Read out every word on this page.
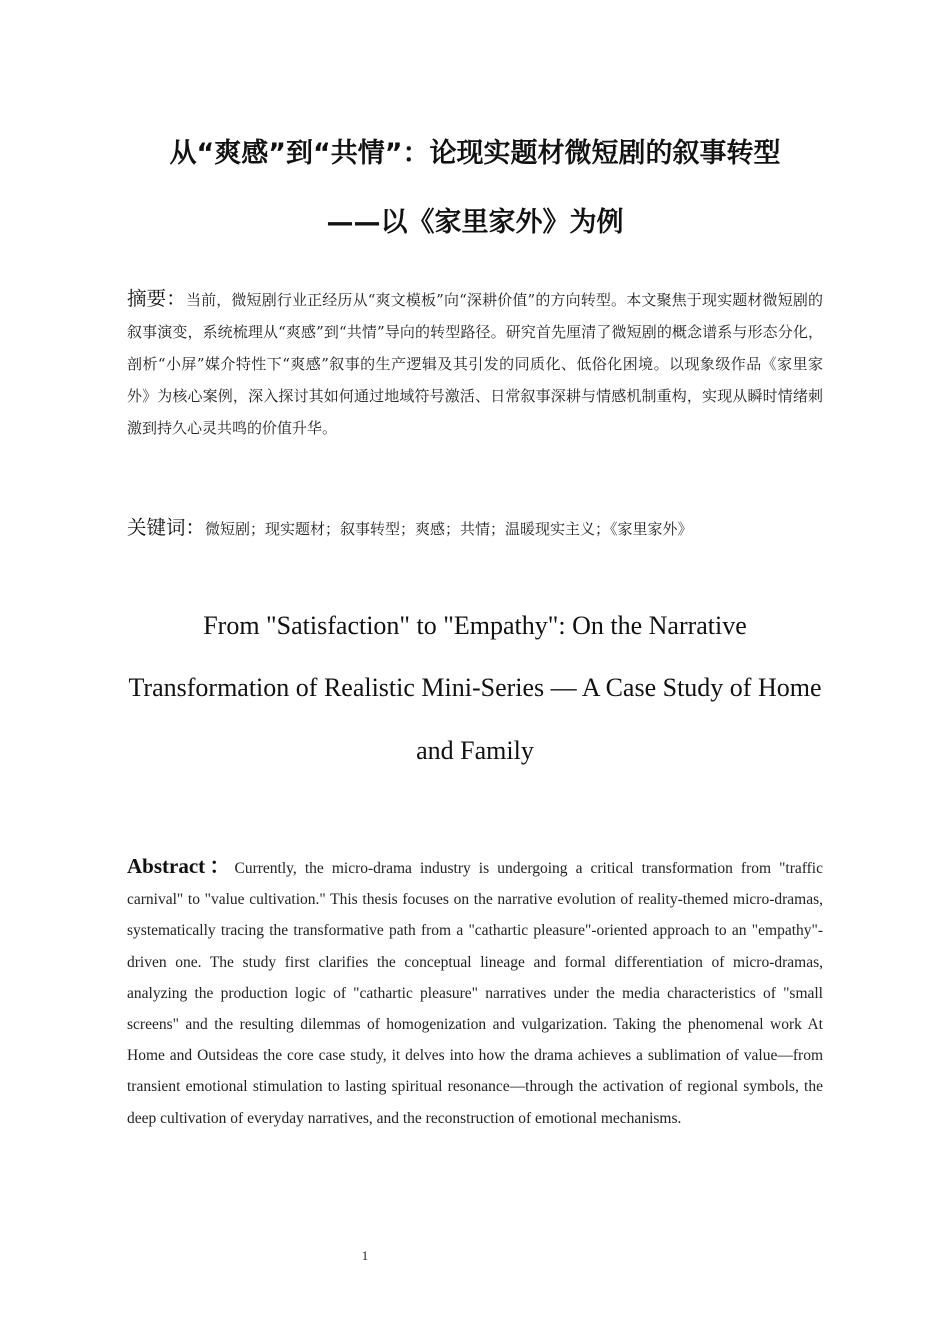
从“爽感”到“共情”：论现实题材微短剧的叙事转型
——以《家里家外》为例
摘要：当前，微短剧行业正经历从“爽文模板”向“深耕价值”的方向转型。本文聚焦于现实题材微短剧的叙事演变，系统梳理从“爽感”到“共情”导向的转型路径。研究首先厘清了微短剧的概念谱系与形态分化，剖析“小屏”媒介特性下“爽感”叙事的生产逻辑及其引发的同质化、低俗化困境。以现象级作品《家里家外》为核心案例，深入探讨其如何通过地域符号激活、日常叙事深耕与情感机制重构，实现从瞬时情绪刺激到持久心灵共鸣的价值升华。
关键词：微短剧；现实题材；叙事转型；爽感；共情；温暖现实主义；《家里家外》
From "Satisfaction" to "Empathy": On the Narrative
Transformation of Realistic Mini-Series — A Case Study of Home
and Family
Abstract：Currently, the micro-drama industry is undergoing a critical transformation from "traffic carnival" to "value cultivation." This thesis focuses on the narrative evolution of reality-themed micro-dramas, systematically tracing the transformative path from a "cathartic pleasure"-oriented approach to an "empathy"-driven one. The study first clarifies the conceptual lineage and formal differentiation of micro-dramas, analyzing the production logic of "cathartic pleasure" narratives under the media characteristics of "small screens" and the resulting dilemmas of homogenization and vulgarization. Taking the phenomenal work At Home and Outsideas the core case study, it delves into how the drama achieves a sublimation of value—from transient emotional stimulation to lasting spiritual resonance—through the activation of regional symbols, the deep cultivation of everyday narratives, and the reconstruction of emotional mechanisms.
1
